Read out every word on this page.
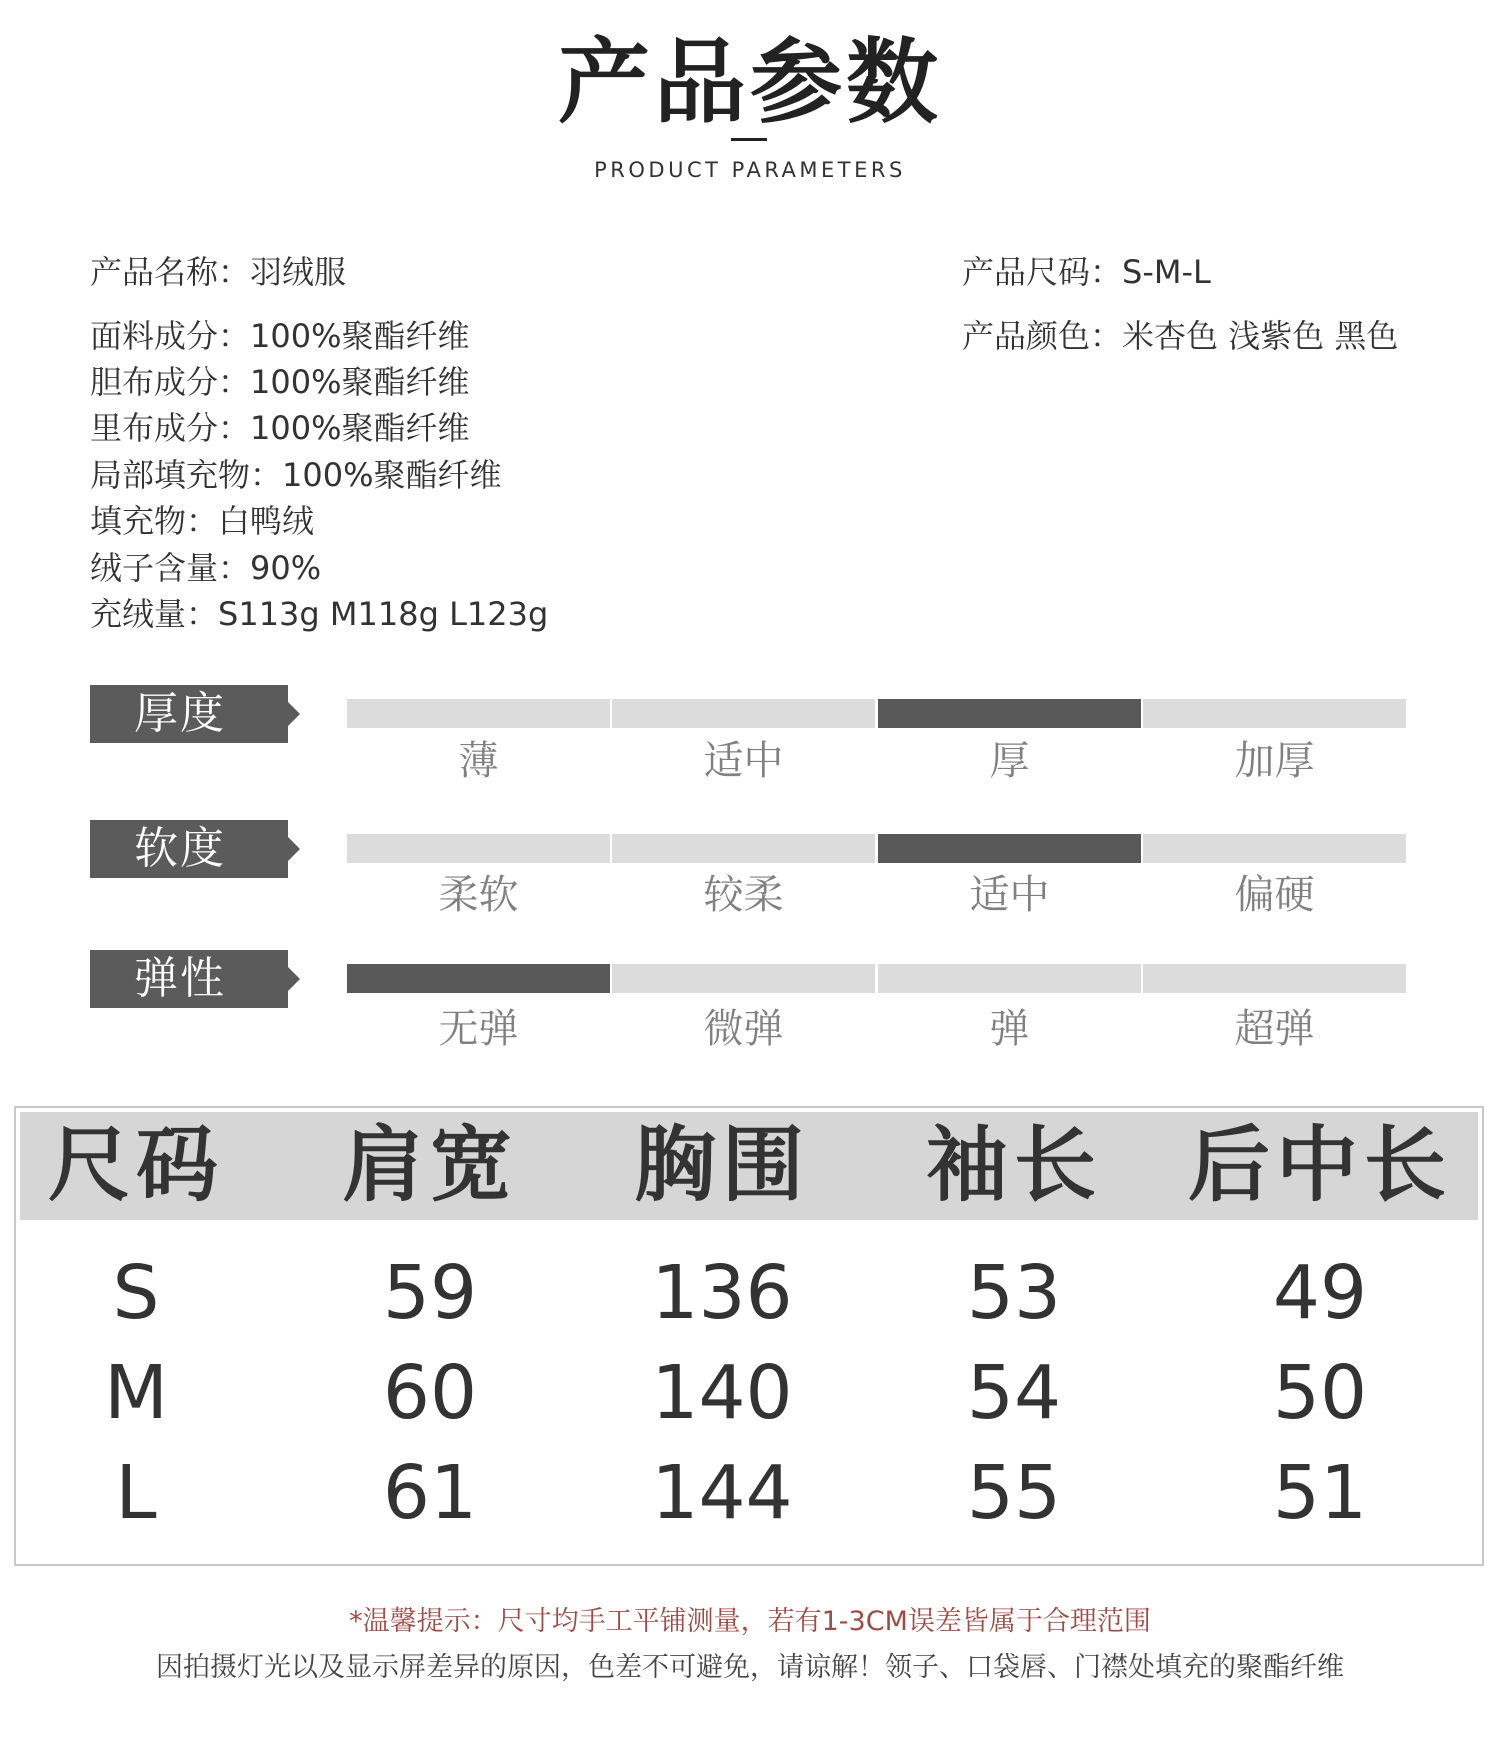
产品参数
PRODUCT PARAMETERS
产品名称：羽绒服
面料成分：100%聚酯纤维
胆布成分：100%聚酯纤维
里布成分：100%聚酯纤维
局部填充物：100%聚酯纤维
填充物：白鸭绒
绒子含量：90%
充绒量：S113g M118g L123g
产品尺码：S-M-L
产品颜色：米杏色 浅紫色 黑色
厚度
薄	适中	厚	加厚
软度
柔软	较柔	适中	偏硬
弹性
无弹	微弹	弹	超弹
尺码 肩宽 胸围 袖长 后中长
S	59	136	53	49
M	60	140	54	50
L	61	144	55	51
*温馨提示：尺寸均手工平铺测量，若有1-3CM误差皆属于合理范围
因拍摄灯光以及显示屏差异的原因，色差不可避免，请谅解！领子、口袋唇、门襟处填充的聚酯纤维
